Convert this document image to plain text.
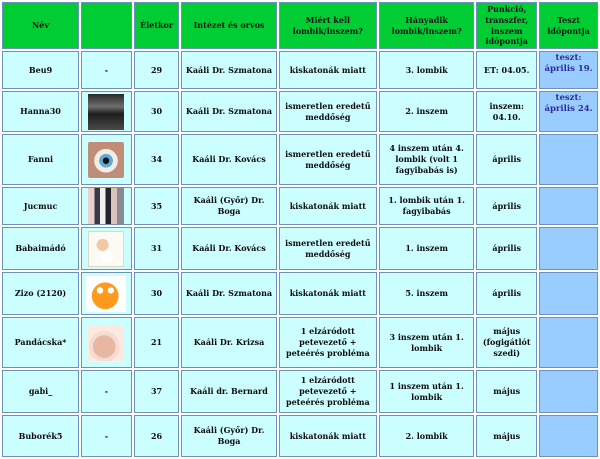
Név		Életkor	Intézet és orvos	Miért kell lombik/inszem?	Hányadik lombik/inszem?	Punkció, transzfer, inszem időpontja	Teszt időpontja
Beu9	-	29	Kaáli Dr. Szmatona	kiskatonák miatt	3. lombik	ET: 04.05.	teszt: április 19.
Hanna30		30	Kaáli Dr. Szmatona	ismeretlen eredetű meddőség	2. inszem	inszem: 04.10.	teszt: április 24.
Fanni		34	Kaáli Dr. Kovács	ismeretlen eredetű meddőség	4 inszem után 4. lombik (volt 1 fagyibabás is)	április	
Jucmuc		35	Kaáli (Győr) Dr. Boga	kiskatonák miatt	1. lombik után 1. fagyibabás	április	
Babaimádó		31	Kaáli Dr. Kovács	ismeretlen eredetű meddőség	1. inszem	április	
Zizo (2120)		30	Kaáli Dr. Szmatona	kiskatonák miatt	5. inszem	április	
Pandácska*		21	Kaáli Dr. Krizsa	1 elzáródott petevezető + peteérés probléma	3 inszem után 1. lombik	május (fogigátlót szedi)	
gabi_	-	37	Kaáli dr. Bernard	1 elzáródott petevezető + peteérés probléma	1 inszem után 1. lombik	május	
Buborék5	-	26	Kaáli (Győr) Dr. Boga	kiskatonák miatt	2. lombik	május	
